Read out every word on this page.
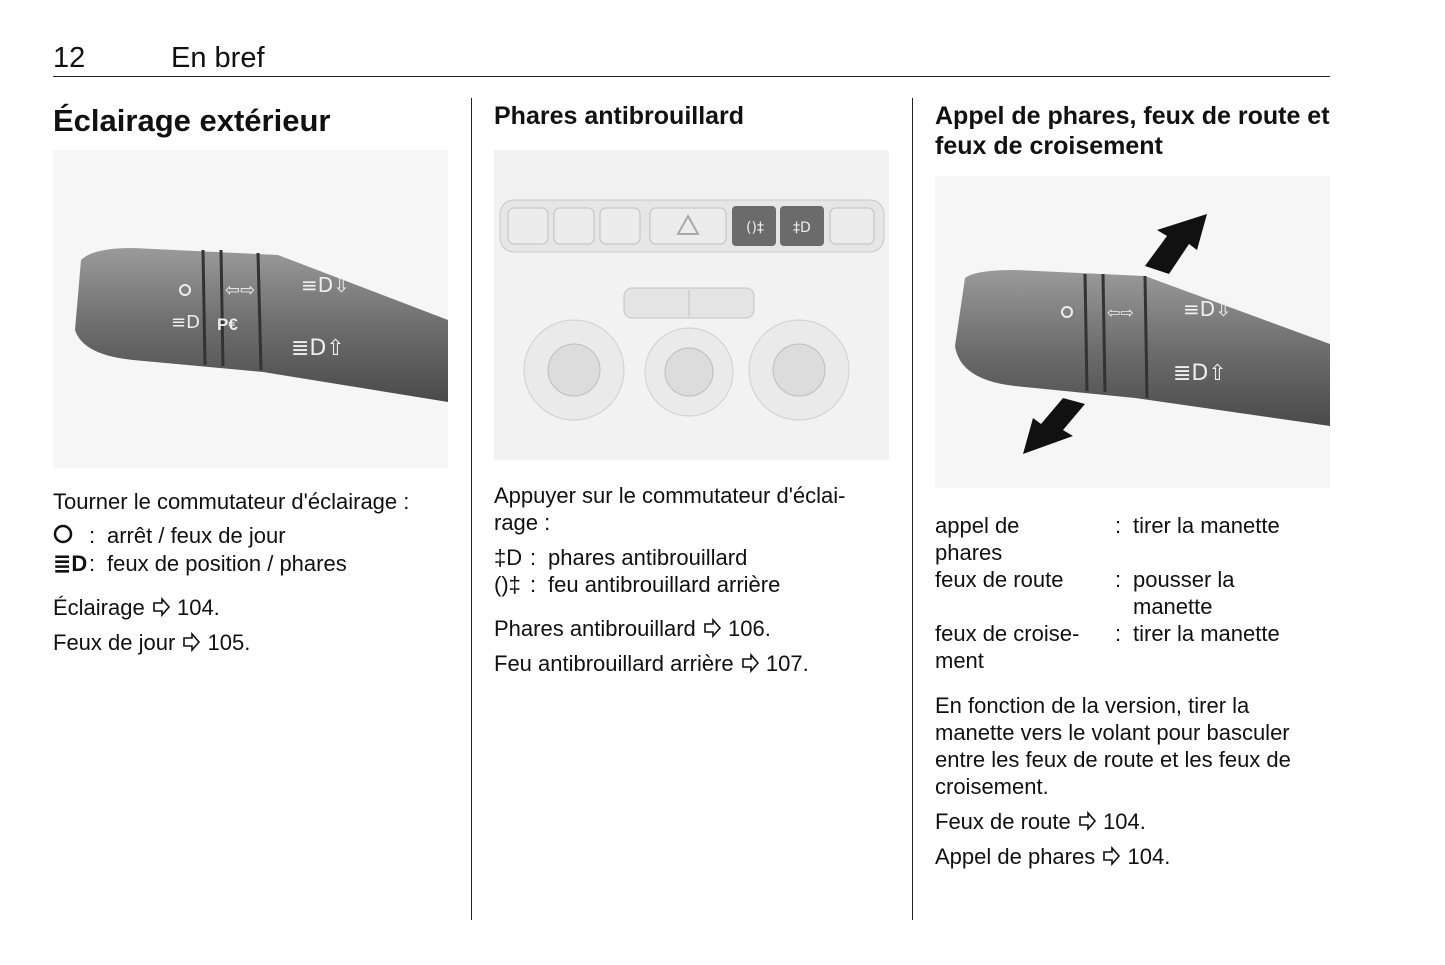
12	En bref
Éclairage extérieur
≡D
⇦⇨
P€
≡D⇩
≣D⇧

Tourner le commutateur d'éclairage :

: arrêt / feux de jour
≣D : feux de position / phares

Éclairage 104.

Feux de jour 105.

Phares antibrouillard
()‡ ‡D

Appuyer sur le commutateur d'éclai-
rage :

‡D : phares antibrouillard
()‡ : feu antibrouillard arrière

Phares antibrouillard 106.

Feu antibrouillard arrière 107.

Appel de phares, feux de route et
feux de croisement
⇦⇨ ≡D⇩
≣D⇧
appel de
phares
: tirer la manette
feux de route	: pousser la
manette
feux de croise-
ment
: tirer la manette

En fonction de la version, tirer la
manette vers le volant pour basculer
entre les feux de route et les feux de
croisement.

Feux de route 104.

Appel de phares 104.
